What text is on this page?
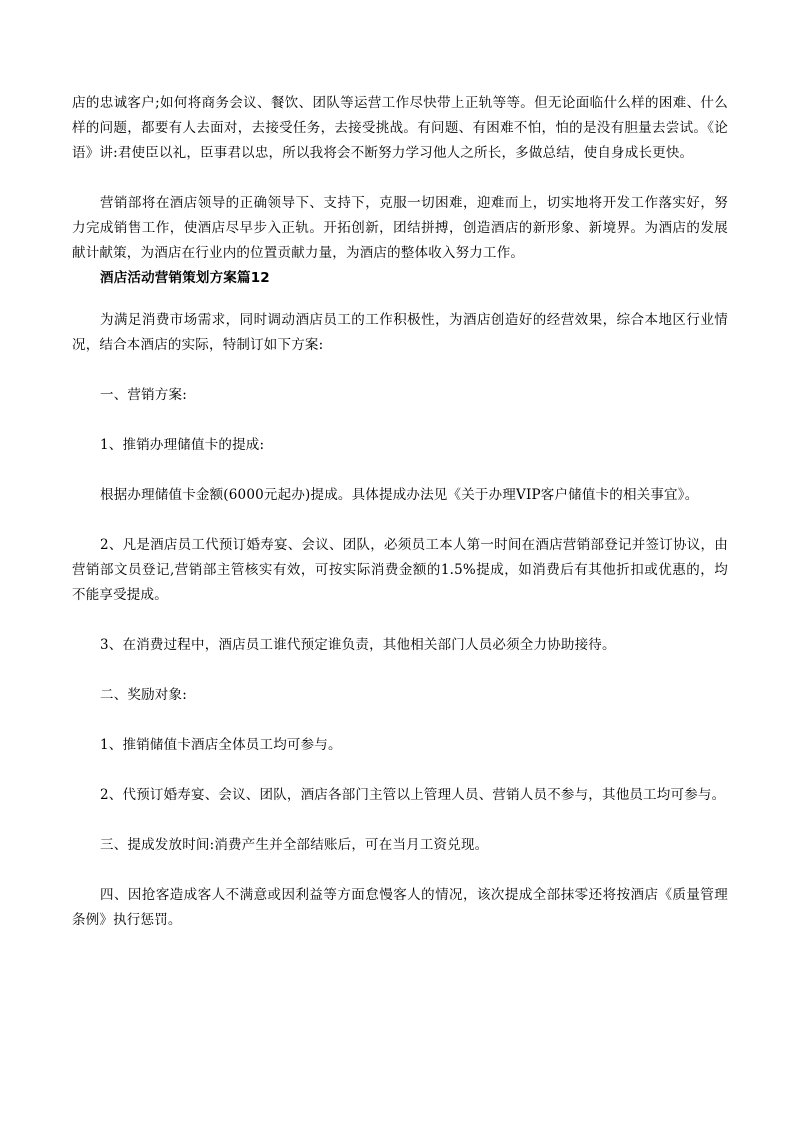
店的忠诚客户;如何将商务会议、餐饮、团队等运营工作尽快带上正轨等等。但无论面临什么样的困难、什么样的问题，都要有人去面对，去接受任务，去接受挑战。有问题、有困难不怕，怕的是没有胆量去尝试。《论语》讲:君使臣以礼，臣事君以忠，所以我将会不断努力学习他人之所长，多做总结，使自身成长更快。

营销部将在酒店领导的正确领导下、支持下，克服一切困难，迎难而上，切实地将开发工作落实好，努力完成销售工作，使酒店尽早步入正轨。开拓创新，团结拼搏，创造酒店的新形象、新境界。为酒店的发展献计献策，为酒店在行业内的位置贡献力量，为酒店的整体收入努力工作。

酒店活动营销策划方案篇12

为满足消费市场需求，同时调动酒店员工的工作积极性，为酒店创造好的经营效果，综合本地区行业情况，结合本酒店的实际，特制订如下方案:

一、营销方案:

1、推销办理储值卡的提成:

根据办理储值卡金额(6000元起办)提成。具体提成办法见《关于办理VIP客户储值卡的相关事宜》。

2、凡是酒店员工代预订婚寿宴、会议、团队，必须员工本人第一时间在酒店营销部登记并签订协议，由营销部文员登记,营销部主管核实有效，可按实际消费金额的1.5%提成，如消费后有其他折扣或优惠的，均不能享受提成。

3、在消费过程中，酒店员工谁代预定谁负责，其他相关部门人员必须全力协助接待。

二、奖励对象:

1、推销储值卡酒店全体员工均可参与。

2、代预订婚寿宴、会议、团队，酒店各部门主管以上管理人员、营销人员不参与，其他员工均可参与。

三、提成发放时间:消费产生并全部结账后，可在当月工资兑现。

四、因抢客造成客人不满意或因利益等方面怠慢客人的情况，该次提成全部抹零还将按酒店《质量管理条例》执行惩罚。
